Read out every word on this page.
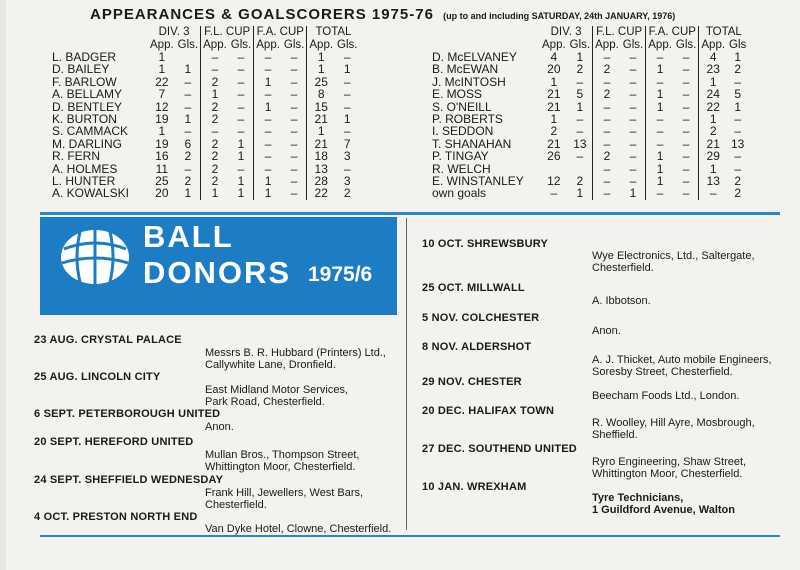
APPEARANCES & GOALSCORERS 1975-76 (up to and including SATURDAY, 24th JANUARY, 1976)
	DIV. 3		F.L. CUP		F.A. CUP		TOTAL	
	App.	Gls.	App.	Gls.	App.	Gls.	App.	Gls.
L. BADGER	1		–	–	–	–	1	–
D. BAILEY	1	1	–	–	–	–	1	1
F. BARLOW	22	–	2	–	1	–	25	–
A. BELLAMY	7	–	1	–	–	–	8	–
D. BENTLEY	12	–	2	–	1	–	15	–
K. BURTON	19	1	2	–	–	–	21	1
S. CAMMACK	1	–	–	–	–	–	1	–
M. DARLING	19	6	2	1	–	–	21	7
R. FERN	16	2	2	1	–	–	18	3
A. HOLMES	11	–	2	–	–	–	13	–
L. HUNTER	25	2	2	1	1	–	28	3
A. KOWALSKI	20	1	1	1	1	–	22	2
	DIV. 3		F.L. CUP		F.A. CUP		TOTAL	
	App.	Gls.	App.	Gls.	App.	Gls.	App.	Gls
D. McELVANEY	4	1	–	–	–	–	4	1
B. McEWAN	20	2	2	–	1	–	23	2
J. McINTOSH	1	–	–	–	–	–	1	–
E. MOSS	21	5	2	–	1	–	24	5
S. O'NEILL	21	1	–	–	1	–	22	1
P. ROBERTS	1	–	–	–	–	–	1	–
I. SEDDON	2	–	–	–	–	–	2	–
T. SHANAHAN	21	13	–	–	–	–	21	13
P. TINGAY	26	–	2	–	1	–	29	–
R. WELCH			–	–	1	–	1	–
E. WINSTANLEY	12	2	–	–	1	–	13	2
own goals	–	1	–	1	–	–	–	2
BALL
DONORS 1975/6
23 AUG. CRYSTAL PALACE
Messrs B. R. Hubbard (Printers) Ltd.,
Callywhite Lane, Dronfield.
25 AUG. LINCOLN CITY
East Midland Motor Services,
Park Road, Chesterfield.
6 SEPT. PETERBOROUGH UNITED
Anon.
20 SEPT. HEREFORD UNITED
Mullan Bros., Thompson Street,
Whittington Moor, Chesterfield.
24 SEPT. SHEFFIELD WEDNESDAY
Frank Hill, Jewellers, West Bars,
Chesterfield.
4 OCT. PRESTON NORTH END
Van Dyke Hotel, Clowne, Chesterfield.
10 OCT. SHREWSBURY
Wye Electronics, Ltd., Saltergate,
Chesterfield.
25 OCT. MILLWALL
A. Ibbotson.
5 NOV. COLCHESTER
Anon.
8 NOV. ALDERSHOT
A. J. Thicket, Auto mobile Engineers,
Soresby Street, Chesterfield.
29 NOV. CHESTER
Beecham Foods Ltd., London.
20 DEC. HALIFAX TOWN
R. Woolley, Hill Ayre, Mosbrough,
Sheffield.
27 DEC. SOUTHEND UNITED
Ryro Engineering, Shaw Street,
Whittington Moor, Chesterfield.
10 JAN. WREXHAM
Tyre Technicians,
1 Guildford Avenue, Walton
